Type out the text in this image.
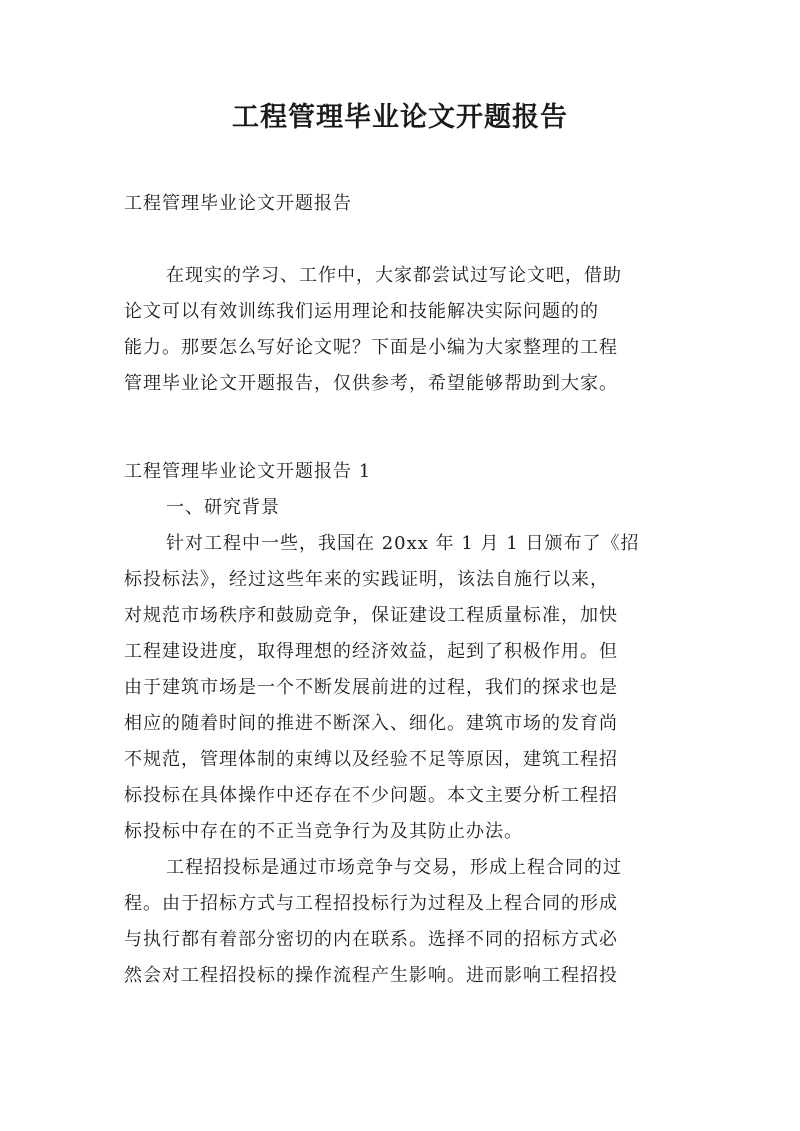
工程管理毕业论文开题报告
工程管理毕业论文开题报告
在现实的学习、工作中，大家都尝试过写论文吧，借助
论文可以有效训练我们运用理论和技能解决实际问题的的
能力。那要怎么写好论文呢？下面是小编为大家整理的工程
管理毕业论文开题报告，仅供参考，希望能够帮助到大家。
工程管理毕业论文开题报告 1
一、研究背景
针对工程中一些，我国在 20xx 年 1 月 1 日颁布了《招
标投标法》，经过这些年来的实践证明，该法自施行以来，
对规范市场秩序和鼓励竞争，保证建设工程质量标准，加快
工程建设进度，取得理想的经济效益，起到了积极作用。但
由于建筑市场是一个不断发展前进的过程，我们的探求也是
相应的随着时间的推进不断深入、细化。建筑市场的发育尚
不规范，管理体制的束缚以及经验不足等原因，建筑工程招
标投标在具体操作中还存在不少问题。本文主要分析工程招
标投标中存在的不正当竞争行为及其防止办法。
工程招投标是通过市场竞争与交易，形成上程合同的过
程。由于招标方式与工程招投标行为过程及上程合同的形成
与执行都有着部分密切的内在联系。选择不同的招标方式必
然会对工程招投标的操作流程产生影响。进而影响工程招投
